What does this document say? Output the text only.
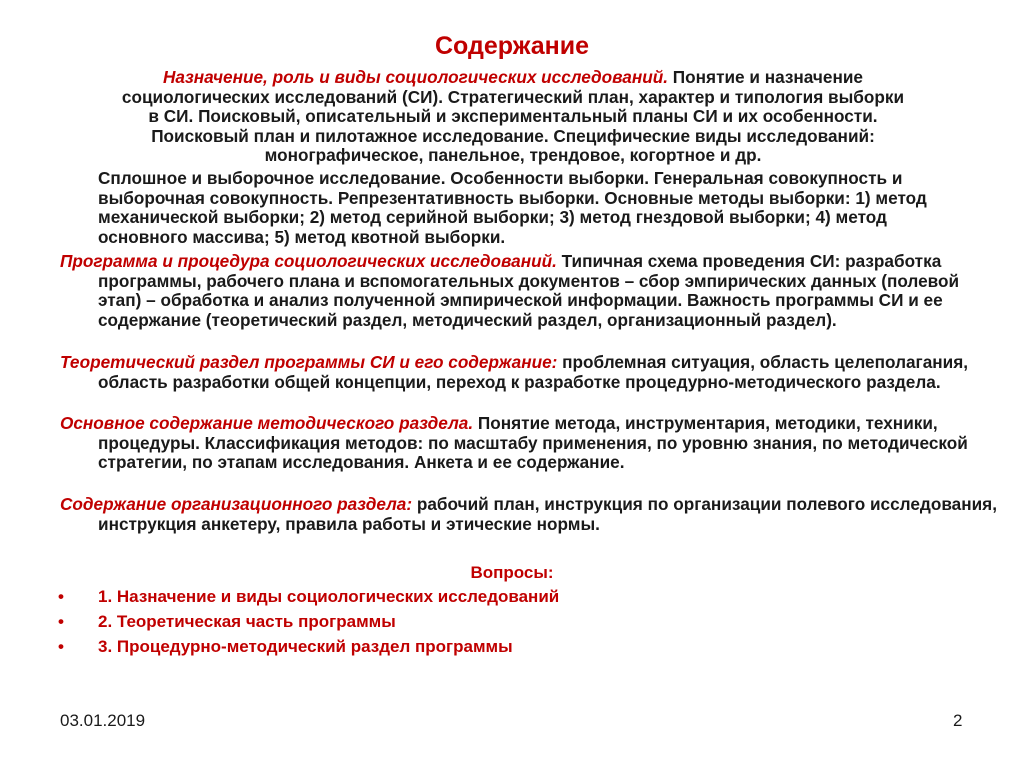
Содержание

Назначение, роль и виды социологических исследований. Понятие и назначение социологических исследований (СИ). Стратегический план, характер и типология выборки в СИ. Поисковый, описательный и экспериментальный планы СИ и их особенности. Поисковый план и пилотажное исследование. Специфические виды исследований: монографическое, панельное, трендовое, когортное и др.

Сплошное и выборочное исследование. Особенности выборки. Генеральная совокупность и выборочная совокупность. Репрезентативность выборки. Основные методы выборки: 1) метод механической выборки; 2) метод серийной выборки; 3) метод гнездовой выборки; 4) метод основного массива; 5) метод квотной выборки.

Программа и процедура социологических исследований. Типичная схема проведения СИ: разработка программы, рабочего плана и вспомогательных документов – сбор эмпирических данных (полевой этап) – обработка и анализ полученной эмпирической информации. Важность программы СИ и ее содержание (теоретический раздел, методический раздел, организационный раздел).

Теоретический раздел программы СИ и его содержание: проблемная ситуация, область целеполагания, область разработки общей концепции, переход к разработке процедурно-методического раздела.

Основное содержание методического раздела. Понятие метода, инструментария, методики, техники, процедуры. Классификация методов: по масштабу применения, по уровню знания, по методической стратегии, по этапам исследования. Анкета и ее содержание.

Содержание организационного раздела: рабочий план, инструкция по организации полевого исследования, инструкция анкетеру, правила работы и этические нормы.

Вопросы:
• 1. Назначение и виды социологических исследований
• 2. Теоретическая часть программы
• 3. Процедурно-методический раздел программы
03.01.2019	2
